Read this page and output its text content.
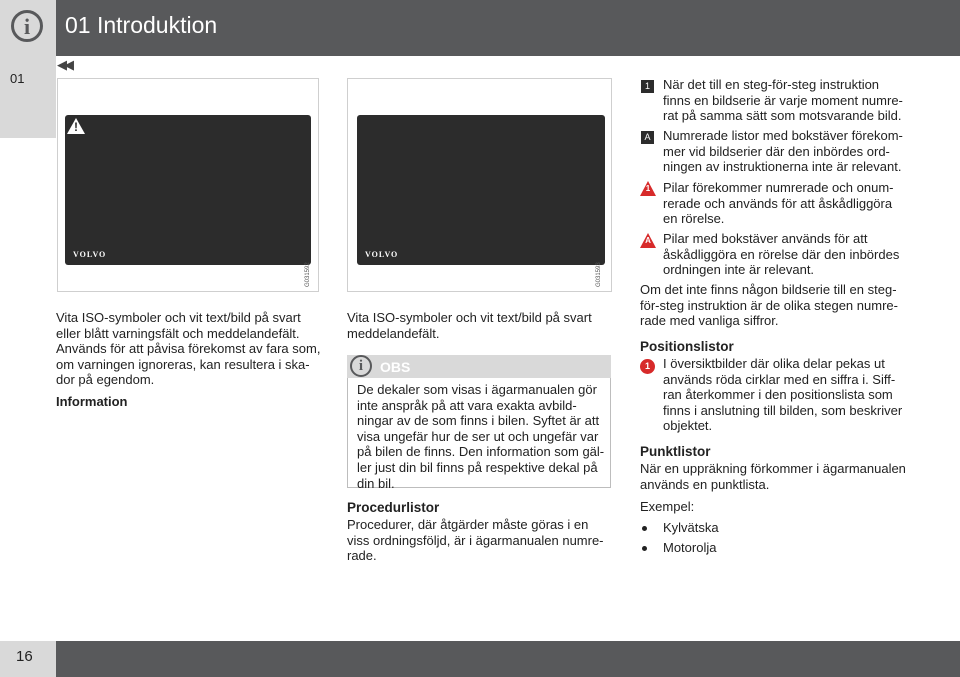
i	01 Introduktion
01
◀◀
!
VOLVO
G031592
Vita ISO-symboler och vit text/bild på svart
eller blått varningsfält och meddelandefält.
Används för att påvisa förekomst av fara som,
om varningen ignoreras, kan resultera i ska-
dor på egendom.
Information
VOLVO
G031593
Vita ISO-symboler och vit text/bild på svart
meddelandefält.
i	OBS
De dekaler som visas i ägarmanualen gör
inte anspråk på att vara exakta avbild-
ningar av de som finns i bilen. Syftet är att
visa ungefär hur de ser ut och ungefär var
på bilen de finns. Den information som gäl-
ler just din bil finns på respektive dekal på
din bil.
Procedurlistor
Procedurer, där åtgärder måste göras i en
viss ordningsföljd, är i ägarmanualen numre-
rade.
1	När det till en steg-för-steg instruktion
finns en bildserie är varje moment numre-
rat på samma sätt som motsvarande bild.
A Numrerade listor med bokstäver förekom-
mer vid bildserier där den inbördes ord-
ningen av instruktionerna inte är relevant.
1 Pilar förekommer numrerade och onum-
rerade och används för att åskådliggöra
en rörelse.
A Pilar med bokstäver används för att
åskådliggöra en rörelse där den inbördes
ordningen inte är relevant.
Om det inte finns någon bildserie till en steg-
för-steg instruktion är de olika stegen numre-
rade med vanliga siffror.
Positionslistor
1	I översiktbilder där olika delar pekas ut
används röda cirklar med en siffra i. Siff-
ran återkommer i den positionslista som
finns i anslutning till bilden, som beskriver
objektet.
Punktlistor
När en uppräkning förkommer i ägarmanualen
används en punktlista.
Exempel:
Kylvätska
Motorolja
16
